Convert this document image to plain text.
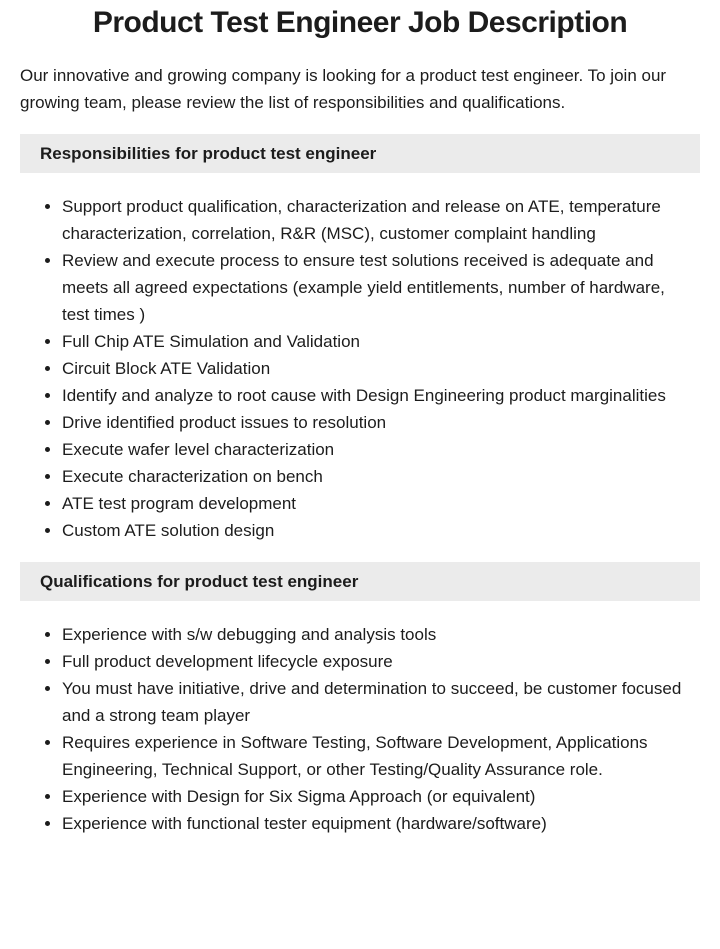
Product Test Engineer Job Description

Our innovative and growing company is looking for a product test engineer. To join our growing team, please review the list of responsibilities and qualifications.

Responsibilities for product test engineer
• Support product qualification, characterization and release on ATE, temperature characterization, correlation, R&R (MSC), customer complaint handling
• Review and execute process to ensure test solutions received is adequate and meets all agreed expectations (example yield entitlements, number of hardware, test times )
• Full Chip ATE Simulation and Validation
• Circuit Block ATE Validation
• Identify and analyze to root cause with Design Engineering product marginalities
• Drive identified product issues to resolution
• Execute wafer level characterization
• Execute characterization on bench
• ATE test program development
• Custom ATE solution design
Qualifications for product test engineer
• Experience with s/w debugging and analysis tools
• Full product development lifecycle exposure
• You must have initiative, drive and determination to succeed, be customer focused and a strong team player
• Requires experience in Software Testing, Software Development, Applications Engineering, Technical Support, or other Testing/Quality Assurance role.
• Experience with Design for Six Sigma Approach (or equivalent)
• Experience with functional tester equipment (hardware/software)
